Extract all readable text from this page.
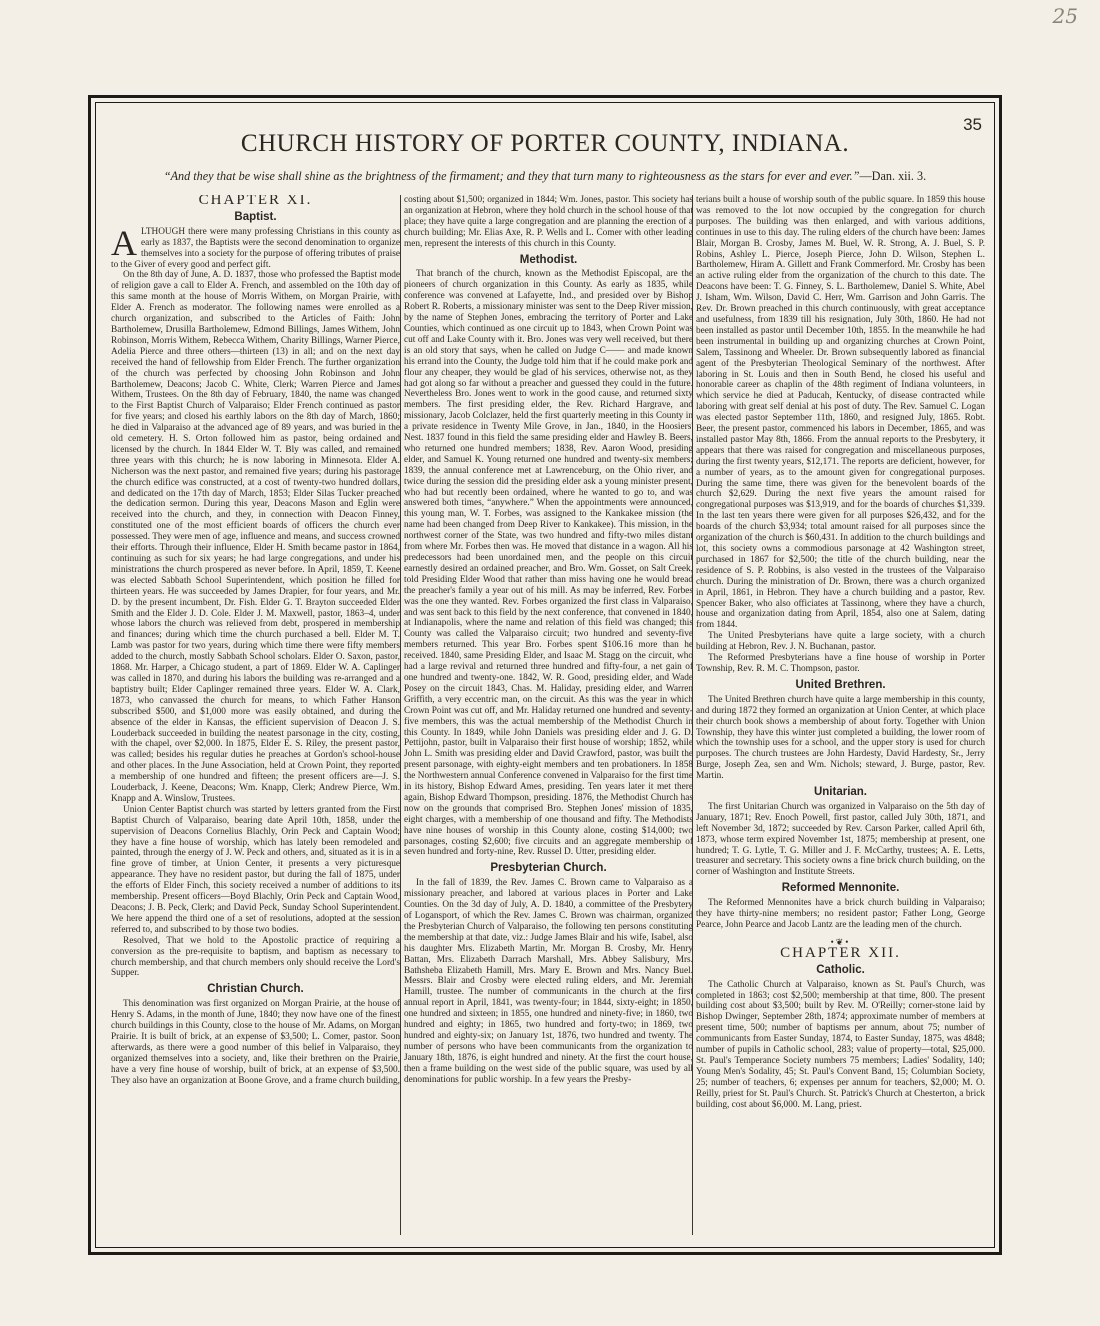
25
35
CHURCH HISTORY OF PORTER COUNTY, INDIANA.
“And they that be wise shall shine as the brightness of the firmament; and they that turn many to righteousness as the stars for ever and ever.”—Dan. xii. 3.
CHAPTER XI.
Baptist.

ALTHOUGH there were many professing Christians in this county as early as 1837, the Baptists were the second denomination to organize themselves into a society for the purpose of offering tributes of praise to the Giver of every good and perfect gift.

On the 8th day of June, A. D. 1837, those who professed the Baptist mode of religion gave a call to Elder A. French, and assembled on the 10th day of this same month at the house of Morris Withem, on Morgan Prairie, with Elder A. French as moderator. The following names were enrolled as a church organization, and subscribed to the Articles of Faith: John Bartholemew, Drusilla Bartholemew, Edmond Billings, James Withem, John Robinson, Morris Withem, Rebecca Withem, Charity Billings, Warner Pierce, Adelia Pierce and three others—thirteen (13) in all; and on the next day received the hand of fellowship from Elder French. The further organization of the church was perfected by choosing John Robinson and John Bartholemew, Deacons; Jacob C. White, Clerk; Warren Pierce and James Withem, Trustees. On the 8th day of February, 1840, the name was changed to the First Baptist Church of Valparaiso; Elder French continued as pastor for five years; and closed his earthly labors on the 8th day of March, 1860; he died in Valparaiso at the advanced age of 89 years, and was buried in the old cemetery. H. S. Orton followed him as pastor, being ordained and licensed by the church. In 1844 Elder W. T. Bly was called, and remained three years with this church; he is now laboring in Minnesota. Elder A. Nicherson was the next pastor, and remained five years; during his pastorage the church edifice was constructed, at a cost of twenty-two hundred dollars, and dedicated on the 17th day of March, 1853; Elder Silas Tucker preached the dedication sermon. During this year, Deacons Mason and Eglin were received into the church, and they, in connection with Deacon Finney, constituted one of the most efficient boards of officers the church ever possessed. They were men of age, influence and means, and success crowned their efforts. Through their influence, Elder H. Smith became pastor in 1864, continuing as such for six years; he had large congregations, and under his ministrations the church prospered as never before. In April, 1859, T. Keene was elected Sabbath School Superintendent, which position he filled for thirteen years. He was succeeded by James Drapier, for four years, and Mr. D. by the present incumbent, Dr. Fish. Elder G. T. Brayton succeeded Elder Smith and the Elder J. D. Cole. Elder J. M. Maxwell, pastor, 1863–4, under whose labors the church was relieved from debt, prospered in membership and finances; during which time the church purchased a bell. Elder M. T. Lamb was pastor for two years, during which time there were fifty members added to the church, mostly Sabbath School scholars. Elder O. Saxon, pastor, 1868. Mr. Harper, a Chicago student, a part of 1869. Elder W. A. Caplinger was called in 1870, and during his labors the building was re-arranged and a baptistry built; Elder Caplinger remained three years. Elder W. A. Clark, 1873, who canvassed the church for means, to which Father Hanson subscribed $500, and $1,000 more was easily obtained, and during the absence of the elder in Kansas, the efficient supervision of Deacon J. S. Louderback succeeded in building the neatest parsonage in the city, costing, with the chapel, over $2,000. In 1875, Elder E. S. Riley, the present pastor, was called; besides his regular duties he preaches at Gordon's school-house and other places. In the June Association, held at Crown Point, they reported a membership of one hundred and fifteen; the present officers are—J. S. Louderback, J. Keene, Deacons; Wm. Knapp, Clerk; Andrew Pierce, Wm. Knapp and A. Winslow, Trustees.

Union Center Baptist church was started by letters granted from the First Baptist Church of Valparaiso, bearing date April 10th, 1858, under the supervision of Deacons Cornelius Blachly, Orin Peck and Captain Wood; they have a fine house of worship, which has lately been remodeled and painted, through the energy of J. W. Peck and others, and, situated as it is in a fine grove of timber, at Union Center, it presents a very picturesque appearance. They have no resident pastor, but during the fall of 1875, under the efforts of Elder Finch, this society received a number of additions to its membership. Present officers—Boyd Blachly, Orin Peck and Captain Wood, Deacons; J. B. Peck, Clerk; and David Peck, Sunday School Superintendent. We here append the third one of a set of resolutions, adopted at the session referred to, and subscribed to by those two bodies.

Resolved, That we hold to the Apostolic practice of requiring a conversion as the pre-requisite to baptism, and baptism as necessary to church membership, and that church members only should receive the Lord's Supper.

Christian Church.

This denomination was first organized on Morgan Prairie, at the house of Henry S. Adams, in the month of June, 1840; they now have one of the finest church buildings in this County, close to the house of Mr. Adams, on Morgan Prairie. It is built of brick, at an expense of $3,500; L. Comer, pastor. Soon afterwards, as there were a good number of this belief in Valparaiso, they organized themselves into a society, and, like their brethren on the Prairie, have a very fine house of worship, built of brick, at an expense of $3,500. They also have an organization at Boone Grove, and a frame church building,

costing about $1,500; organized in 1844; Wm. Jones, pastor. This society has an organization at Hebron, where they hold church in the school house of that place; they have quite a large congregation and are planning the erection of a church building; Mr. Elias Axe, R. P. Wells and L. Comer with other leading men, represent the interests of this church in this County.

Methodist.

That branch of the church, known as the Methodist Episcopal, are the pioneers of church organization in this County. As early as 1835, while conference was convened at Lafayette, Ind., and presided over by Bishop Robert R. Roberts, a missionary minister was sent to the Deep River mission, by the name of Stephen Jones, embracing the territory of Porter and Lake Counties, which continued as one circuit up to 1843, when Crown Point was cut off and Lake County with it. Bro. Jones was very well received, but there is an old story that says, when he called on Judge C—— and made known his errand into the County, the Judge told him that if he could make pork and flour any cheaper, they would be glad of his services, otherwise not, as they had got along so far without a preacher and guessed they could in the future. Nevertheless Bro. Jones went to work in the good cause, and returned sixty members. The first presiding elder, the Rev. Richard Hargrave, and missionary, Jacob Colclazer, held the first quarterly meeting in this County in a private residence in Twenty Mile Grove, in Jan., 1840, in the Hoosiers' Nest. 1837 found in this field the same presiding elder and Hawley B. Beers, who returned one hundred members; 1838, Rev. Aaron Wood, presiding elder, and Samuel K. Young returned one hundred and twenty-six members; 1839, the annual conference met at Lawrenceburg, on the Ohio river, and twice during the session did the presiding elder ask a young minister present, who had but recently been ordained, where he wanted to go to, and was answered both times, “anywhere.” When the appointments were announced, this young man, W. T. Forbes, was assigned to the Kankakee mission (the name had been changed from Deep River to Kankakee). This mission, in the northwest corner of the State, was two hundred and fifty-two miles distant from where Mr. Forbes then was. He moved that distance in a wagon. All his predecessors had been unordained men, and the people on this circuit earnestly desired an ordained preacher, and Bro. Wm. Gosset, on Salt Creek, told Presiding Elder Wood that rather than miss having one he would bread the preacher's family a year out of his mill. As may be inferred, Rev. Forbes was the one they wanted. Rev. Forbes organized the first class in Valparaiso, and was sent back to this field by the next conference, that convened in 1840, at Indianapolis, where the name and relation of this field was changed; this County was called the Valparaiso circuit; two hundred and seventy-five members returned. This year Bro. Forbes spent $106.16 more than he received. 1840, same Presiding Elder, and Isaac M. Stagg on the circuit, who had a large revival and returned three hundred and fifty-four, a net gain of one hundred and twenty-one. 1842, W. R. Good, presiding elder, and Wade Posey on the circuit 1843, Chas. M. Haliday, presiding elder, and Warren Griffith, a very eccentric man, on the circuit. As this was the year in which Crown Point was cut off, and Mr. Haliday returned one hundred and seventy-five members, this was the actual membership of the Methodist Church in this County. In 1849, while John Daniels was presiding elder and J. G. D. Pettijohn, pastor, built in Valparaiso their first house of worship; 1852, while John L. Smith was presiding elder and David Crawford, pastor, was built the present parsonage, with eighty-eight members and ten probationers. In 1858 the Northwestern annual Conference convened in Valparaiso for the first time in its history, Bishop Edward Ames, presiding. Ten years later it met there again, Bishop Edward Thompson, presiding. 1876, the Methodist Church has now on the grounds that comprised Bro. Stephen Jones' mission of 1835, eight charges, with a membership of one thousand and fifty. The Methodists have nine houses of worship in this County alone, costing $14,000; two parsonages, costing $2,600; five circuits and an aggregate membership of seven hundred and forty-nine, Rev. Russel D. Utter, presiding elder.

Presbyterian Church.

In the fall of 1839, the Rev. James C. Brown came to Valparaiso as a missionary preacher, and labored at various places in Porter and Lake Counties. On the 3d day of July, A. D. 1840, a committee of the Presbytery of Logansport, of which the Rev. James C. Brown was chairman, organized the Presbyterian Church of Valparaiso, the following ten persons constituting the membership at that date, viz.: Judge James Blair and his wife, Isabel, also his daughter Mrs. Elizabeth Martin, Mr. Morgan B. Crosby, Mr. Henry Battan, Mrs. Elizabeth Darrach Marshall, Mrs. Abbey Salisbury, Mrs. Bathsheba Elizabeth Hamill, Mrs. Mary E. Brown and Mrs. Nancy Buel. Messrs. Blair and Crosby were elected ruling elders, and Mr. Jeremiah Hamill, trustee. The number of communicants in the church at the first annual report in April, 1841, was twenty-four; in 1844, sixty-eight; in 1850, one hundred and sixteen; in 1855, one hundred and ninety-five; in 1860, two hundred and eighty; in 1865, two hundred and forty-two; in 1869, two hundred and eighty-six; on January 1st, 1876, two hundred and twenty. The number of persons who have been communicants from the organization to January 18th, 1876, is eight hundred and ninety. At the first the court house, then a frame building on the west side of the public square, was used by all denominations for public worship. In a few years the Presby-

terians built a house of worship south of the public square. In 1859 this house was removed to the lot now occupied by the congregation for church purposes. The building was then enlarged, and with various additions, continues in use to this day. The ruling elders of the church have been: James Blair, Morgan B. Crosby, James M. Buel, W. R. Strong, A. J. Buel, S. P. Robins, Ashley L. Pierce, Joseph Pierce, John D. Wilson, Stephen L. Bartholemew, Hiram A. Gillett and Frank Commerford. Mr. Crosby has been an active ruling elder from the organization of the church to this date. The Deacons have been: T. G. Finney, S. L. Bartholemew, Daniel S. White, Abel J. Isham, Wm. Wilson, David C. Herr, Wm. Garrison and John Garris. The Rev. Dr. Brown preached in this church continuously, with great acceptance and usefulness, from 1839 till his resignation, July 30th, 1860. He had not been installed as pastor until December 10th, 1855. In the meanwhile he had been instrumental in building up and organizing churches at Crown Point, Salem, Tassinong and Wheeler. Dr. Brown subsequently labored as financial agent of the Presbyterian Theological Seminary of the northwest. After laboring in St. Louis and then in South Bend, he closed his useful and honorable career as chaplin of the 48th regiment of Indiana volunteers, in which service he died at Paducah, Kentucky, of disease contracted while laboring with great self denial at his post of duty. The Rev. Samuel C. Logan was elected pastor September 11th, 1860, and resigned July, 1865. Robt. Beer, the present pastor, commenced his labors in December, 1865, and was installed pastor May 8th, 1866. From the annual reports to the Presbytery, it appears that there was raised for congregation and miscellaneous purposes, during the first twenty years, $12,171. The reports are deficient, however, for a number of years, as to the amount given for congregational purposes. During the same time, there was given for the benevolent boards of the church $2,629. During the next five years the amount raised for congregational purposes was $13,919, and for the boards of churches $1,339. In the last ten years there were given for all purposes $26,432, and for the boards of the church $3,934; total amount raised for all purposes since the organization of the church is $60,431. In addition to the church buildings and lot, this society owns a commodious parsonage at 42 Washington street, purchased in 1867 for $2,500; the title of the church building, near the residence of S. P. Robbins, is also vested in the trustees of the Valparaiso church. During the ministration of Dr. Brown, there was a church organized in April, 1861, in Hebron. They have a church building and a pastor, Rev. Spencer Baker, who also officiates at Tassinong, where they have a church, house and organization dating from April, 1854, also one at Salem, dating from 1844.

The United Presbyterians have quite a large society, with a church building at Hebron, Rev. J. N. Buchanan, pastor.

The Reformed Presbyterians have a fine house of worship in Porter Township, Rev. R. M. C. Thompson, pastor.

United Brethren.

The United Brethren church have quite a large membership in this county, and during 1872 they formed an organization at Union Center, at which place their church book shows a membership of about forty. Together with Union Township, they have this winter just completed a building, the lower room of which the township uses for a school, and the upper story is used for church purposes. The church trustees are John Hardesty, David Hardesty, Sr., Jerry Burge, Joseph Zea, sen and Wm. Nichols; steward, J. Burge, pastor, Rev. Martin.

Unitarian.

The first Unitarian Church was organized in Valparaiso on the 5th day of January, 1871; Rev. Enoch Powell, first pastor, called July 30th, 1871, and left November 3d, 1872; succeeded by Rev. Carson Parker, called April 6th, 1873, whose term expired November 1st, 1875; membership at present, one hundred; T. G. Lytle, T. G. Miller and J. F. McCarthy, trustees; A. E. Letts, treasurer and secretary. This society owns a fine brick church building, on the corner of Washington and Institute Streets.

Reformed Mennonite.

The Reformed Mennonites have a brick church building in Valparaiso; they have thirty-nine members; no resident pastor; Father Long, George Pearce, John Pearce and Jacob Lantz are the leading men of the church.

•❦•
CHAPTER XII.
Catholic.

The Catholic Church at Valparaiso, known as St. Paul's Church, was completed in 1863; cost $2,500; membership at that time, 800. The present building cost about $3,500; built by Rev. M. O'Reilly; corner-stone laid by Bishop Dwinger, September 28th, 1874; approximate number of members at present time, 500; number of baptisms per annum, about 75; number of communicants from Easter Sunday, 1874, to Easter Sunday, 1875, was 4848; number of pupils in Catholic school, 283; value of property—total, $25,000. St. Paul's Temperance Society numbers 75 members; Ladies' Sodality, 140; Young Men's Sodality, 45; St. Paul's Convent Band, 15; Columbian Society, 25; number of teachers, 6; expenses per annum for teachers, $2,000; M. O. Reilly, priest for St. Paul's Church. St. Patrick's Church at Chesterton, a brick building, cost about $6,000. M. Lang, priest.
